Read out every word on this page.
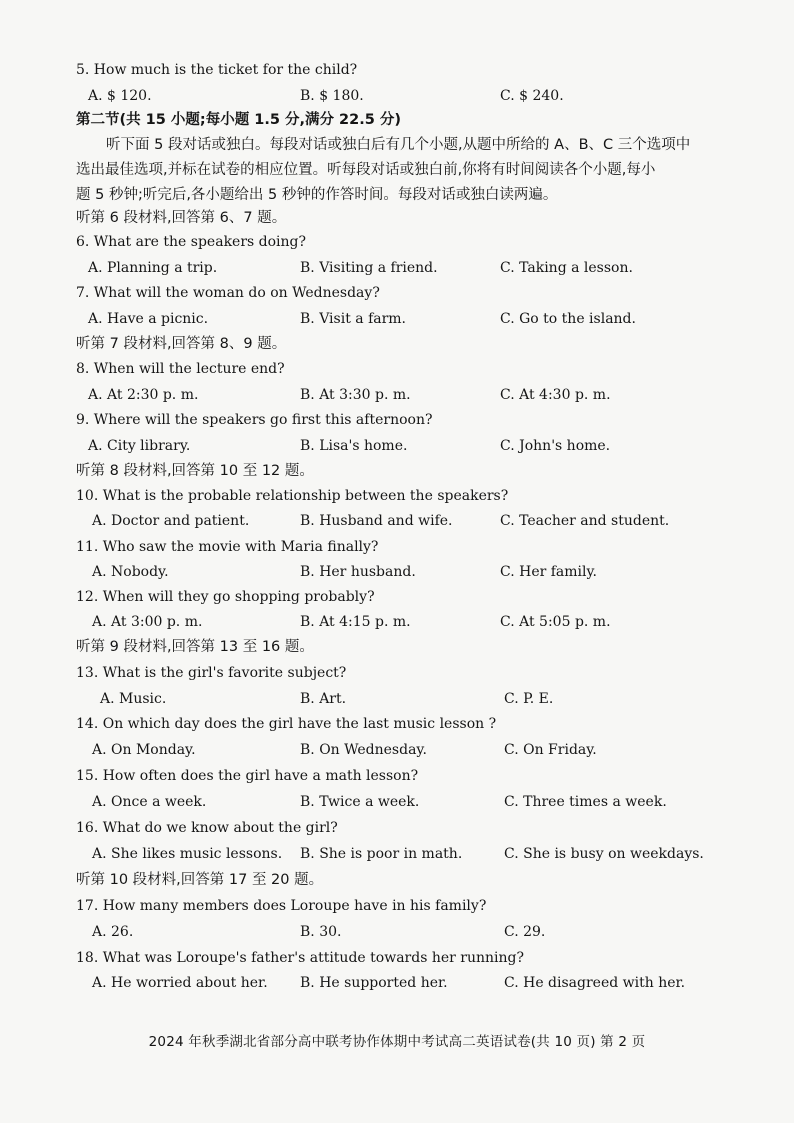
5. How much is the ticket for the child?
A. $ 120.	B. $ 180.	C. $ 240.
第二节(共 15 小题;每小题 1.5 分,满分 22.5 分)
听下面 5 段对话或独白。每段对话或独白后有几个小题,从题中所给的 A、B、C 三个选项中
选出最佳选项,并标在试卷的相应位置。听每段对话或独白前,你将有时间阅读各个小题,每小
题 5 秒钟;听完后,各小题给出 5 秒钟的作答时间。每段对话或独白读两遍。
听第 6 段材料,回答第 6、7 题。
6. What are the speakers doing?
A. Planning a trip.	B. Visiting a friend.	C. Taking a lesson.
7. What will the woman do on Wednesday?
A. Have a picnic.	B. Visit a farm.	C. Go to the island.
听第 7 段材料,回答第 8、9 题。
8. When will the lecture end?
A. At 2:30 p. m.	B. At 3:30 p. m.	C. At 4:30 p. m.
9. Where will the speakers go first this afternoon?
A. City library.	B. Lisa's home.	C. John's home.
听第 8 段材料,回答第 10 至 12 题。
10. What is the probable relationship between the speakers?
A. Doctor and patient.	B. Husband and wife.	C. Teacher and student.
11. Who saw the movie with Maria finally?
A. Nobody.	B. Her husband.	C. Her family.
12. When will they go shopping probably?
A. At 3:00 p. m.	B. At 4:15 p. m.	C. At 5:05 p. m.
听第 9 段材料,回答第 13 至 16 题。
13. What is the girl's favorite subject?
A. Music.	B. Art.	C. P. E.
14. On which day does the girl have the last music lesson ?
A. On Monday.	B. On Wednesday.	C. On Friday.
15. How often does the girl have a math lesson?
A. Once a week.	B. Twice a week.	C. Three times a week.
16. What do we know about the girl?
A. She likes music lessons. B. She is poor in math.	C. She is busy on weekdays.
听第 10 段材料,回答第 17 至 20 题。
17. How many members does Loroupe have in his family?
A. 26.	B. 30.	C. 29.
18. What was Loroupe's father's attitude towards her running?
A. He worried about her. B. He supported her.	C. He disagreed with her.
2024 年秋季湖北省部分高中联考协作体期中考试高二英语试卷(共 10 页) 第 2 页
